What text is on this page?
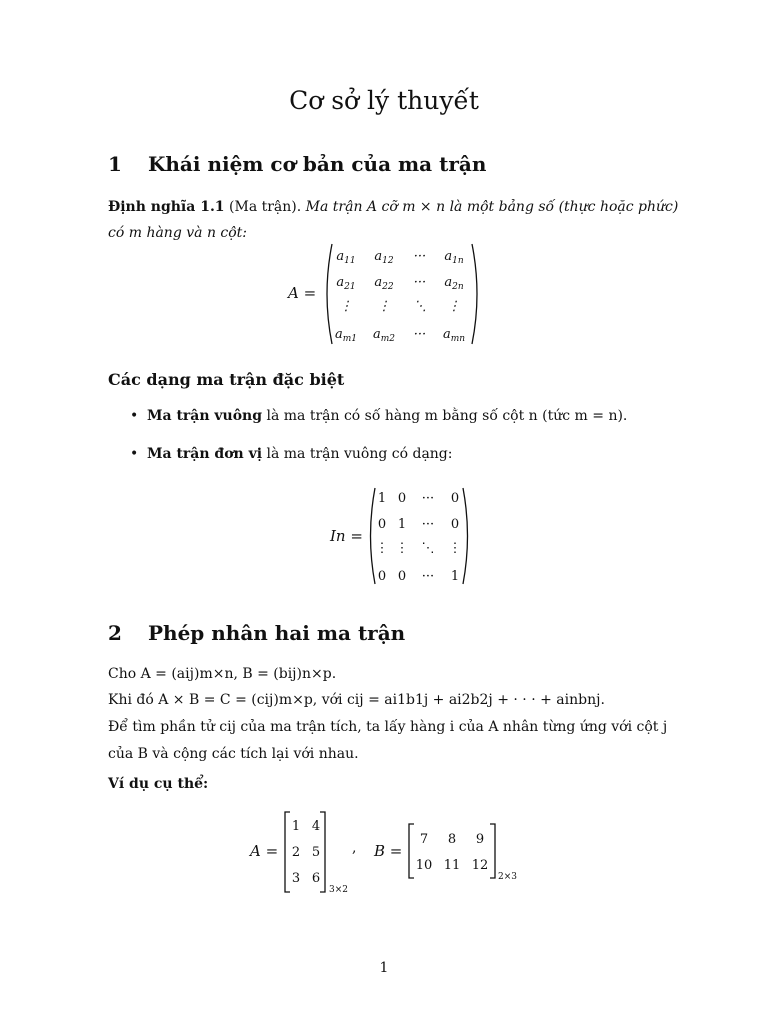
Cơ sở lý thuyết
1 Khái niệm cơ bản của ma trận
Định nghĩa 1.1 (Ma trận). Ma trận A cỡ m × n là một bảng số (thực hoặc phức)
có m hàng và n cột:
A =
$a_{11}$ $a_{12}$ ··· $a_{1n}$
$a_{21}$ $a_{22}$ ··· $a_{2n}$
⋮ ⋮ ⋱ ⋮
$a_{m1}$ $a_{m2}$ ··· $a_{mn}$
Các dạng ma trận đặc biệt
• Ma trận vuông là ma trận có số hàng m bằng số cột n (tức m = n).
• Ma trận đơn vị là ma trận vuông có dạng:
In =
1 0 ··· 0
0 1 ··· 0
⋮ ⋮ ⋱ ⋮
0 0 ··· 1
2 Phép nhân hai ma trận
Cho A = (aij)m×n, B = (bij)n×p.
Khi đó A × B = C = (cij)m×p, với cij = ai1b1j + ai2b2j + · · · + ainbnj.
Để tìm phần tử cij của ma trận tích, ta lấy hàng i của A nhân từng ứng với cột j
của B và cộng các tích lại với nhau.
Ví dụ cụ thể:
A =
1 4
2 5
3 6
3×2
, B =
7 8 9
10 11 12
2×3
1
